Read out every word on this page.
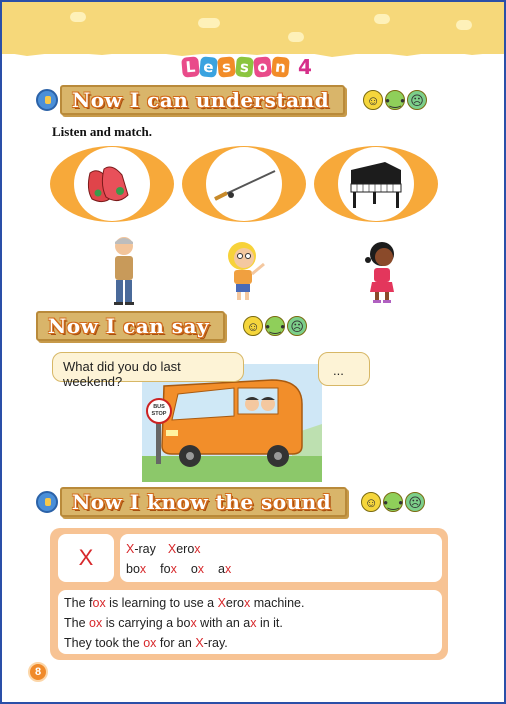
L e s s o n 4
Now I can understand	☺ •‿• ☹
Listen and match.
Now I can say	☺ •‿• ☹
BUS
STOP
What did you do last weekend?
...
Now I know the sound	☺ •‿• ☹
X	X-ray Xerox
box fox ox ax
The fox is learning to use a Xerox machine.
The ox is carrying a box with an ax in it.
They took the ox for an X-ray.
8
